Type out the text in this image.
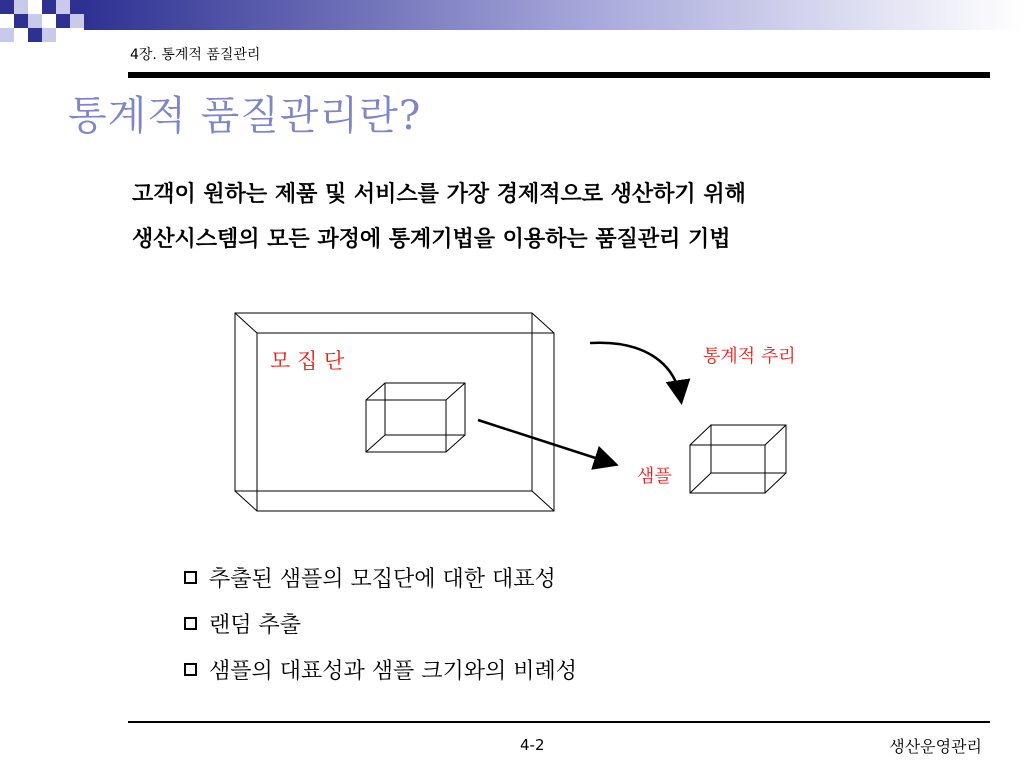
4장. 통계적 품질관리
통계적 품질관리란?
고객이 원하는 제품 및 서비스를 가장 경제적으로 생산하기 위해
생산시스템의 모든 과정에 통계기법을 이용하는 품질관리 기법
모 집 단	통계적 추리
샘플
추출된 샘플의 모집단에 대한 대표성
랜덤 추출
샘플의 대표성과 샘플 크기와의 비례성
4-2	생산운영관리
